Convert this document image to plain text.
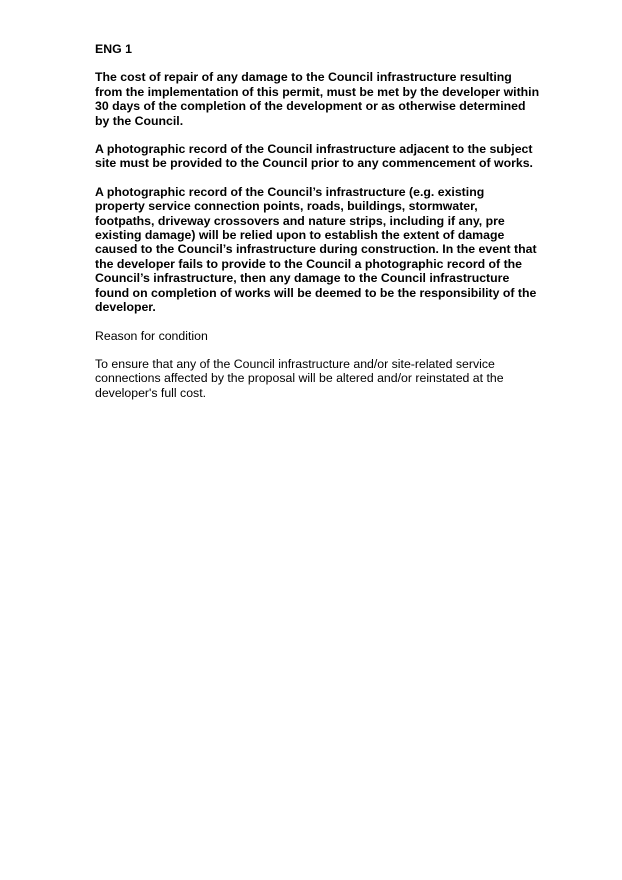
ENG 1
The cost of repair of any damage to the Council infrastructure resulting
from the implementation of this permit, must be met by the developer within
30 days of the completion of the development or as otherwise determined
by the Council.
A photographic record of the Council infrastructure adjacent to the subject
site must be provided to the Council prior to any commencement of works.
A photographic record of the Council’s infrastructure (e.g. existing
property service connection points, roads, buildings, stormwater,
footpaths, driveway crossovers and nature strips, including if any, pre
existing damage) will be relied upon to establish the extent of damage
caused to the Council’s infrastructure during construction. In the event that
the developer fails to provide to the Council a photographic record of the
Council’s infrastructure, then any damage to the Council infrastructure
found on completion of works will be deemed to be the responsibility of the
developer.
Reason for condition
To ensure that any of the Council infrastructure and/or site-related service
connections affected by the proposal will be altered and/or reinstated at the
developer's full cost.
